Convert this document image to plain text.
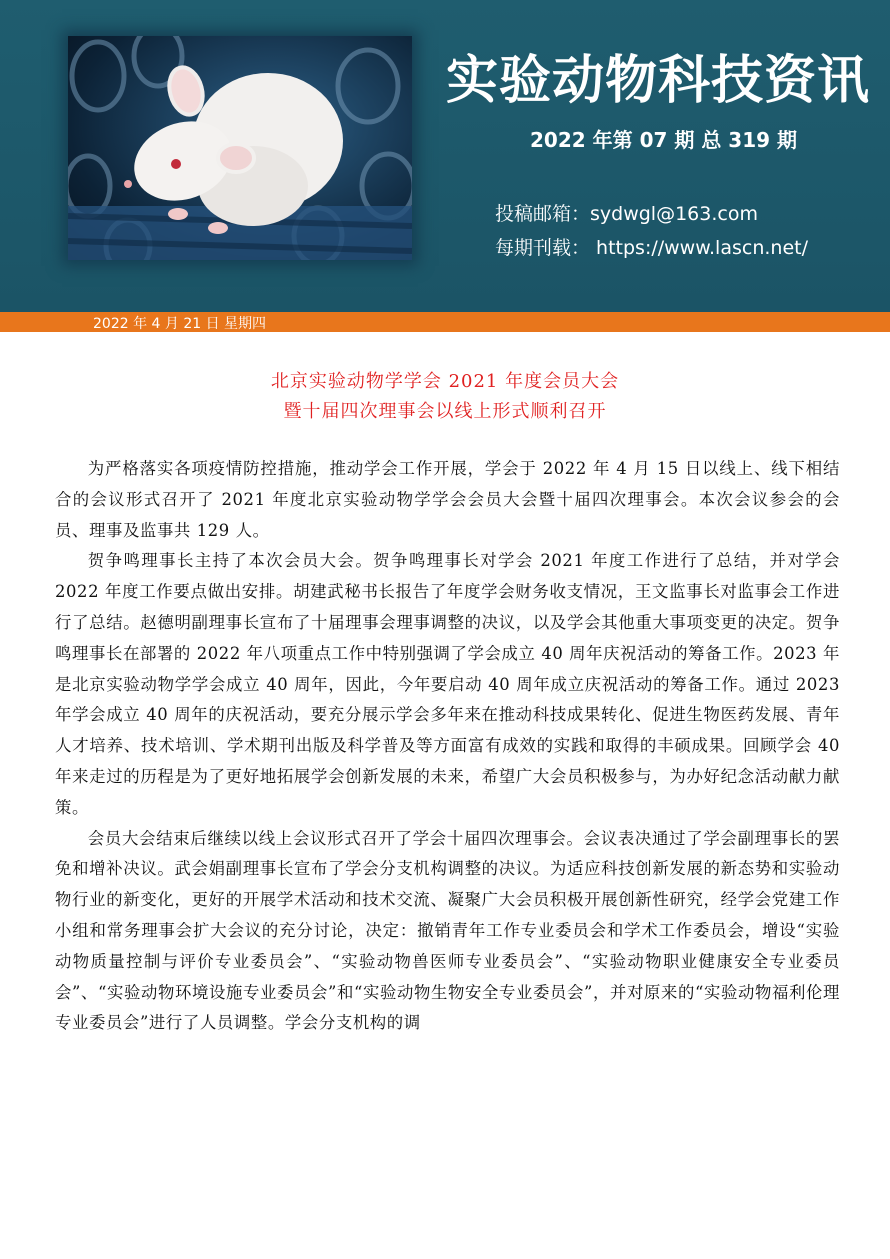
实验动物科技资讯
2022 年第 07 期 总 319 期
投稿邮箱：sydwgl@163.com
每期刊载： https://www.lascn.net/
2022 年 4 月 21 日 星期四
北京实验动物学学会 2021 年度会员大会
暨十届四次理事会以线上形式顺利召开

为严格落实各项疫情防控措施，推动学会工作开展，学会于 2022 年 4 月 15 日以线上、线下相结合的会议形式召开了 2021 年度北京实验动物学学会会员大会暨十届四次理事会。本次会议参会的会员、理事及监事共 129 人。

贺争鸣理事长主持了本次会员大会。贺争鸣理事长对学会 2021 年度工作进行了总结，并对学会 2022 年度工作要点做出安排。胡建武秘书长报告了年度学会财务收支情况，王文监事长对监事会工作进行了总结。赵德明副理事长宣布了十届理事会理事调整的决议，以及学会其他重大事项变更的决定。贺争鸣理事长在部署的 2022 年八项重点工作中特别强调了学会成立 40 周年庆祝活动的筹备工作。2023 年是北京实验动物学学会成立 40 周年，因此，今年要启动 40 周年成立庆祝活动的筹备工作。通过 2023 年学会成立 40 周年的庆祝活动，要充分展示学会多年来在推动科技成果转化、促进生物医药发展、青年人才培养、技术培训、学术期刊出版及科学普及等方面富有成效的实践和取得的丰硕成果。回顾学会 40 年来走过的历程是为了更好地拓展学会创新发展的未来，希望广大会员积极参与，为办好纪念活动献力献策。

会员大会结束后继续以线上会议形式召开了学会十届四次理事会。会议表决通过了学会副理事长的罢免和增补决议。武会娟副理事长宣布了学会分支机构调整的决议。为适应科技创新发展的新态势和实验动物行业的新变化，更好的开展学术活动和技术交流、凝聚广大会员积极开展创新性研究，经学会党建工作小组和常务理事会扩大会议的充分讨论，决定：撤销青年工作专业委员会和学术工作委员会，增设“实验动物质量控制与评价专业委员会”、“实验动物兽医师专业委员会”、“实验动物职业健康安全专业委员会”、“实验动物环境设施专业委员会”和“实验动物生物安全专业委员会”，并对原来的“实验动物福利伦理专业委员会”进行了人员调整。学会分支机构的调
